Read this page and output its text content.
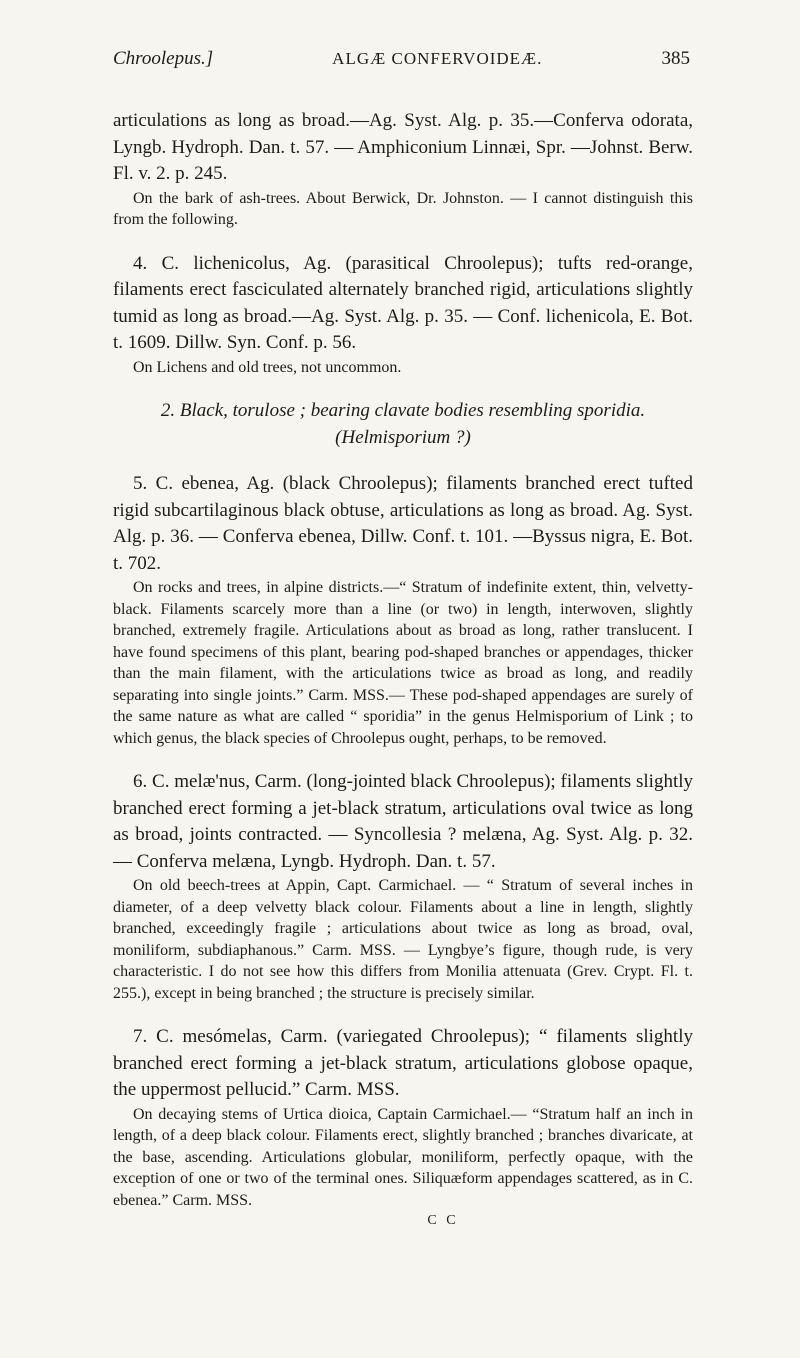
Chroolepus.]	ALGÆ CONFERVOIDEÆ.	385

articulations as long as broad.—Ag. Syst. Alg. p. 35.—Conferva odorata, Lyngb. Hydroph. Dan. t. 57. — Amphiconium Linnæi, Spr. —Johnst. Berw. Fl. v. 2. p. 245.

On the bark of ash-trees. About Berwick, Dr. Johnston. — I cannot distinguish this from the following.

4. C. lichenicolus, Ag. (parasitical Chroolepus); tufts red-orange, filaments erect fasciculated alternately branched rigid, articulations slightly tumid as long as broad.—Ag. Syst. Alg. p. 35. — Conf. lichenicola, E. Bot. t. 1609. Dillw. Syn. Conf. p. 56.

On Lichens and old trees, not uncommon.

2. Black, torulose ; bearing clavate bodies resembling sporidia. (Helmisporium ?)

5. C. ebenea, Ag. (black Chroolepus); filaments branched erect tufted rigid subcartilaginous black obtuse, articulations as long as broad. Ag. Syst. Alg. p. 36. — Conferva ebenea, Dillw. Conf. t. 101. —Byssus nigra, E. Bot. t. 702.

On rocks and trees, in alpine districts.—“ Stratum of indefinite extent, thin, velvetty-black. Filaments scarcely more than a line (or two) in length, interwoven, slightly branched, extremely fragile. Articulations about as broad as long, rather translucent. I have found specimens of this plant, bearing pod-shaped branches or appendages, thicker than the main filament, with the articulations twice as broad as long, and readily separating into single joints.” Carm. MSS.— These pod-shaped appendages are surely of the same nature as what are called “ sporidia” in the genus Helmisporium of Link ; to which genus, the black species of Chroolepus ought, perhaps, to be removed.

6. C. melæ'nus, Carm. (long-jointed black Chroolepus); filaments slightly branched erect forming a jet-black stratum, articulations oval twice as long as broad, joints contracted. — Syncollesia ? melæna, Ag. Syst. Alg. p. 32. — Conferva melæna, Lyngb. Hydroph. Dan. t. 57.

On old beech-trees at Appin, Capt. Carmichael. — “ Stratum of several inches in diameter, of a deep velvetty black colour. Filaments about a line in length, slightly branched, exceedingly fragile ; articulations about twice as long as broad, oval, moniliform, subdiaphanous.” Carm. MSS. — Lyngbye’s figure, though rude, is very characteristic. I do not see how this differs from Monilia attenuata (Grev. Crypt. Fl. t. 255.), except in being branched ; the structure is precisely similar.

7. C. mesómelas, Carm. (variegated Chroolepus); “ filaments slightly branched erect forming a jet-black stratum, articulations globose opaque, the uppermost pellucid.” Carm. MSS.

On decaying stems of Urtica dioica, Captain Carmichael.— “Stratum half an inch in length, of a deep black colour. Filaments erect, slightly branched ; branches divaricate, at the base, ascending. Articulations globular, moniliform, perfectly opaque, with the exception of one or two of the terminal ones. Siliquæform appendages scattered, as in C. ebenea.” Carm. MSS.

C C
